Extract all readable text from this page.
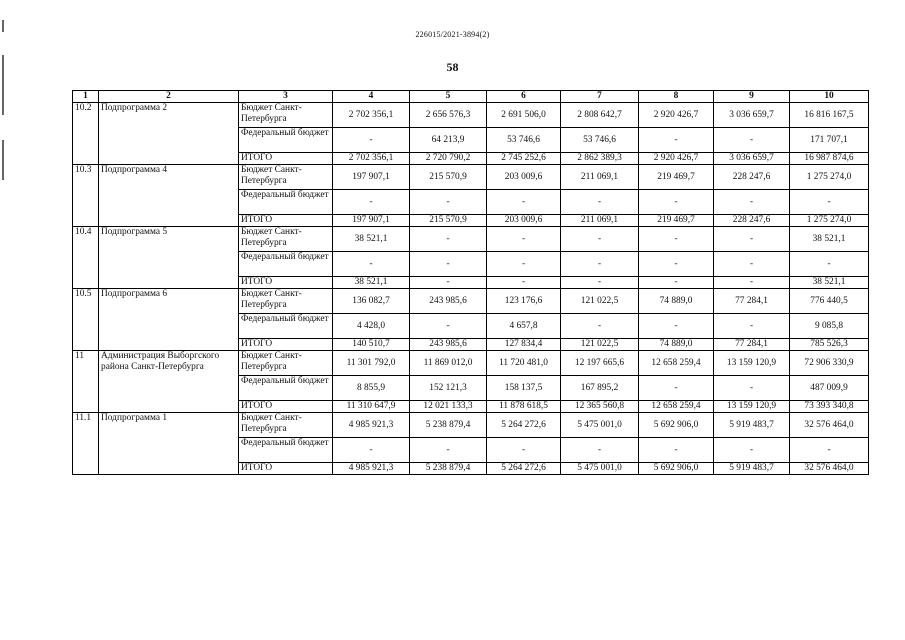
226015/2021-3894(2)
58
1	2	3	4	5	6	7	8	9	10
10.2	Подпрограмма 2	Бюджет Санкт-Петербурга	2 702 356,1	2 656 576,3	2 691 506,0	2 808 642,7	2 920 426,7	3 036 659,7	16 816 167,5
		Федеральный бюджет	-	64 213,9	53 746,6	53 746,6	-	-	171 707,1
		ИТОГО	2 702 356,1	2 720 790,2	2 745 252,6	2 862 389,3	2 920 426,7	3 036 659,7	16 987 874,6
10.3	Подпрограмма 4	Бюджет Санкт-Петербурга	197 907,1	215 570,9	203 009,6	211 069,1	219 469,7	228 247,6	1 275 274,0
		Федеральный бюджет	-	-	-	-	-	-	-
		ИТОГО	197 907,1	215 570,9	203 009,6	211 069,1	219 469,7	228 247,6	1 275 274,0
10.4	Подпрограмма 5	Бюджет Санкт-Петербурга	38 521,1	-	-	-	-	-	38 521,1
		Федеральный бюджет	-	-	-	-	-	-	-
		ИТОГО	38 521,1	-	-	-	-	-	38 521,1
10.5	Подпрограмма 6	Бюджет Санкт-Петербурга	136 082,7	243 985,6	123 176,6	121 022,5	74 889,0	77 284,1	776 440,5
		Федеральный бюджет	4 428,0	-	4 657,8	-	-	-	9 085,8
		ИТОГО	140 510,7	243 985,6	127 834,4	121 022,5	74 889,0	77 284,1	785 526,3
11	Администрация Выборгского района Санкт-Петербурга	Бюджет Санкт-Петербурга	11 301 792,0	11 869 012,0	11 720 481,0	12 197 665,6	12 658 259,4	13 159 120,9	72 906 330,9
		Федеральный бюджет	8 855,9	152 121,3	158 137,5	167 895,2	-	-	487 009,9
		ИТОГО	11 310 647,9	12 021 133,3	11 878 618,5	12 365 560,8	12 658 259,4	13 159 120,9	73 393 340,8
11.1	Подпрограмма 1	Бюджет Санкт-Петербурга	4 985 921,3	5 238 879,4	5 264 272,6	5 475 001,0	5 692 906,0	5 919 483,7	32 576 464,0
		Федеральный бюджет	-	-	-	-	-	-	-
		ИТОГО	4 985 921,3	5 238 879,4	5 264 272,6	5 475 001,0	5 692 906,0	5 919 483,7	32 576 464,0
